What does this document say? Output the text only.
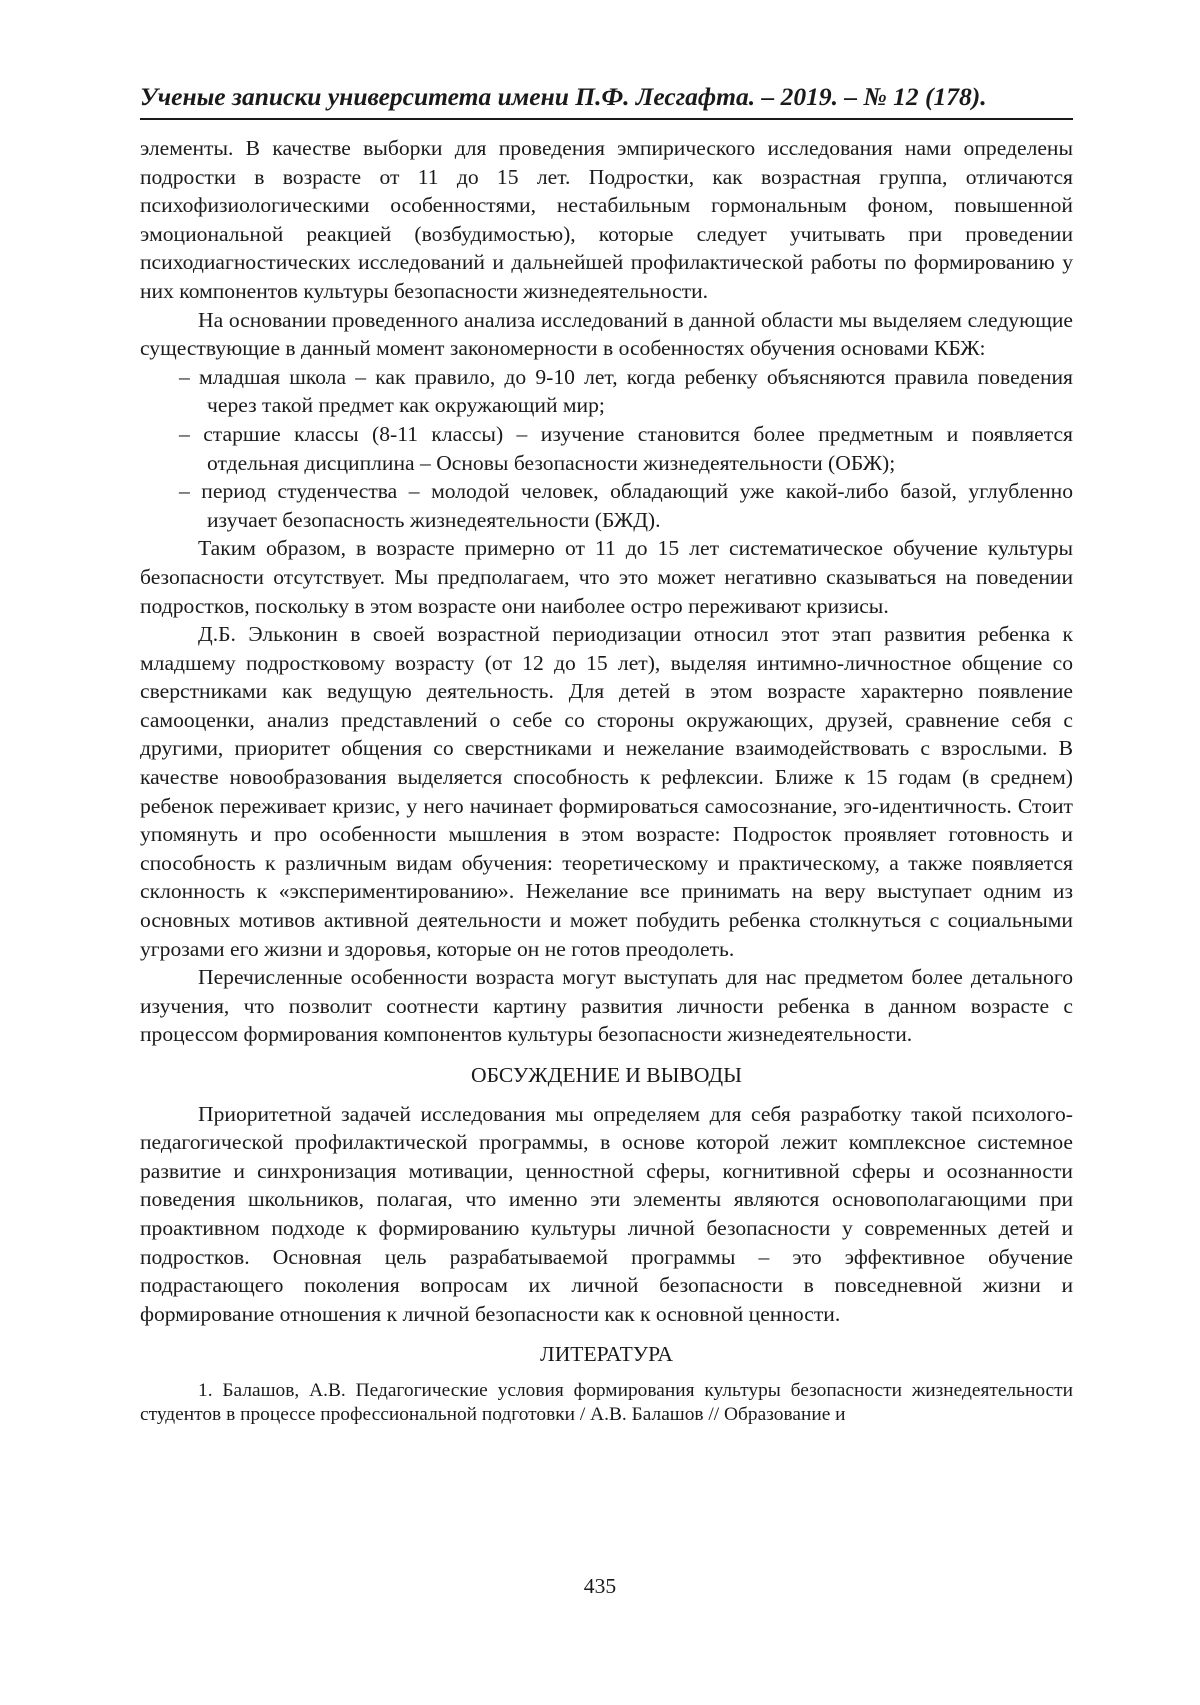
Ученые записки университета имени П.Ф. Лесгафта. – 2019. – № 12 (178).

элементы. В качестве выборки для проведения эмпирического исследования нами определены подростки в возрасте от 11 до 15 лет. Подростки, как возрастная группа, отличаются психофизиологическими особенностями, нестабильным гормональным фоном, повышенной эмоциональной реакцией (возбудимостью), которые следует учитывать при проведении психодиагностических исследований и дальнейшей профилактической работы по формированию у них компонентов культуры безопасности жизнедеятельности.

На основании проведенного анализа исследований в данной области мы выделяем следующие существующие в данный момент закономерности в особенностях обучения основами КБЖ:

– младшая школа – как правило, до 9-10 лет, когда ребенку объясняются правила поведения через такой предмет как окружающий мир;

– старшие классы (8-11 классы) – изучение становится более предметным и появляется отдельная дисциплина – Основы безопасности жизнедеятельности (ОБЖ);

– период студенчества – молодой человек, обладающий уже какой-либо базой, углубленно изучает безопасность жизнедеятельности (БЖД).

Таким образом, в возрасте примерно от 11 до 15 лет систематическое обучение культуры безопасности отсутствует. Мы предполагаем, что это может негативно сказываться на поведении подростков, поскольку в этом возрасте они наиболее остро переживают кризисы.

Д.Б. Эльконин в своей возрастной периодизации относил этот этап развития ребенка к младшему подростковому возрасту (от 12 до 15 лет), выделяя интимно-личностное общение со сверстниками как ведущую деятельность. Для детей в этом возрасте характерно появление самооценки, анализ представлений о себе со стороны окружающих, друзей, сравнение себя с другими, приоритет общения со сверстниками и нежелание взаимодействовать с взрослыми. В качестве новообразования выделяется способность к рефлексии. Ближе к 15 годам (в среднем) ребенок переживает кризис, у него начинает формироваться самосознание, эго-идентичность. Стоит упомянуть и про особенности мышления в этом возрасте: Подросток проявляет готовность и способность к различным видам обучения: теоретическому и практическому, а также появляется склонность к «экспериментированию». Нежелание все принимать на веру выступает одним из основных мотивов активной деятельности и может побудить ребенка столкнуться с социальными угрозами его жизни и здоровья, которые он не готов преодолеть.

Перечисленные особенности возраста могут выступать для нас предметом более детального изучения, что позволит соотнести картину развития личности ребенка в данном возрасте с процессом формирования компонентов культуры безопасности жизнедеятельности.

ОБСУЖДЕНИЕ И ВЫВОДЫ

Приоритетной задачей исследования мы определяем для себя разработку такой психолого-педагогической профилактической программы, в основе которой лежит комплексное системное развитие и синхронизация мотивации, ценностной сферы, когнитивной сферы и осознанности поведения школьников, полагая, что именно эти элементы являются основополагающими при проактивном подходе к формированию культуры личной безопасности у современных детей и подростков. Основная цель разрабатываемой программы – это эффективное обучение подрастающего поколения вопросам их личной безопасности в повседневной жизни и формирование отношения к личной безопасности как к основной ценности.

ЛИТЕРАТУРА

1. Балашов, А.В. Педагогические условия формирования культуры безопасности жизнедеятельности студентов в процессе профессиональной подготовки / А.В. Балашов // Образование и

435
